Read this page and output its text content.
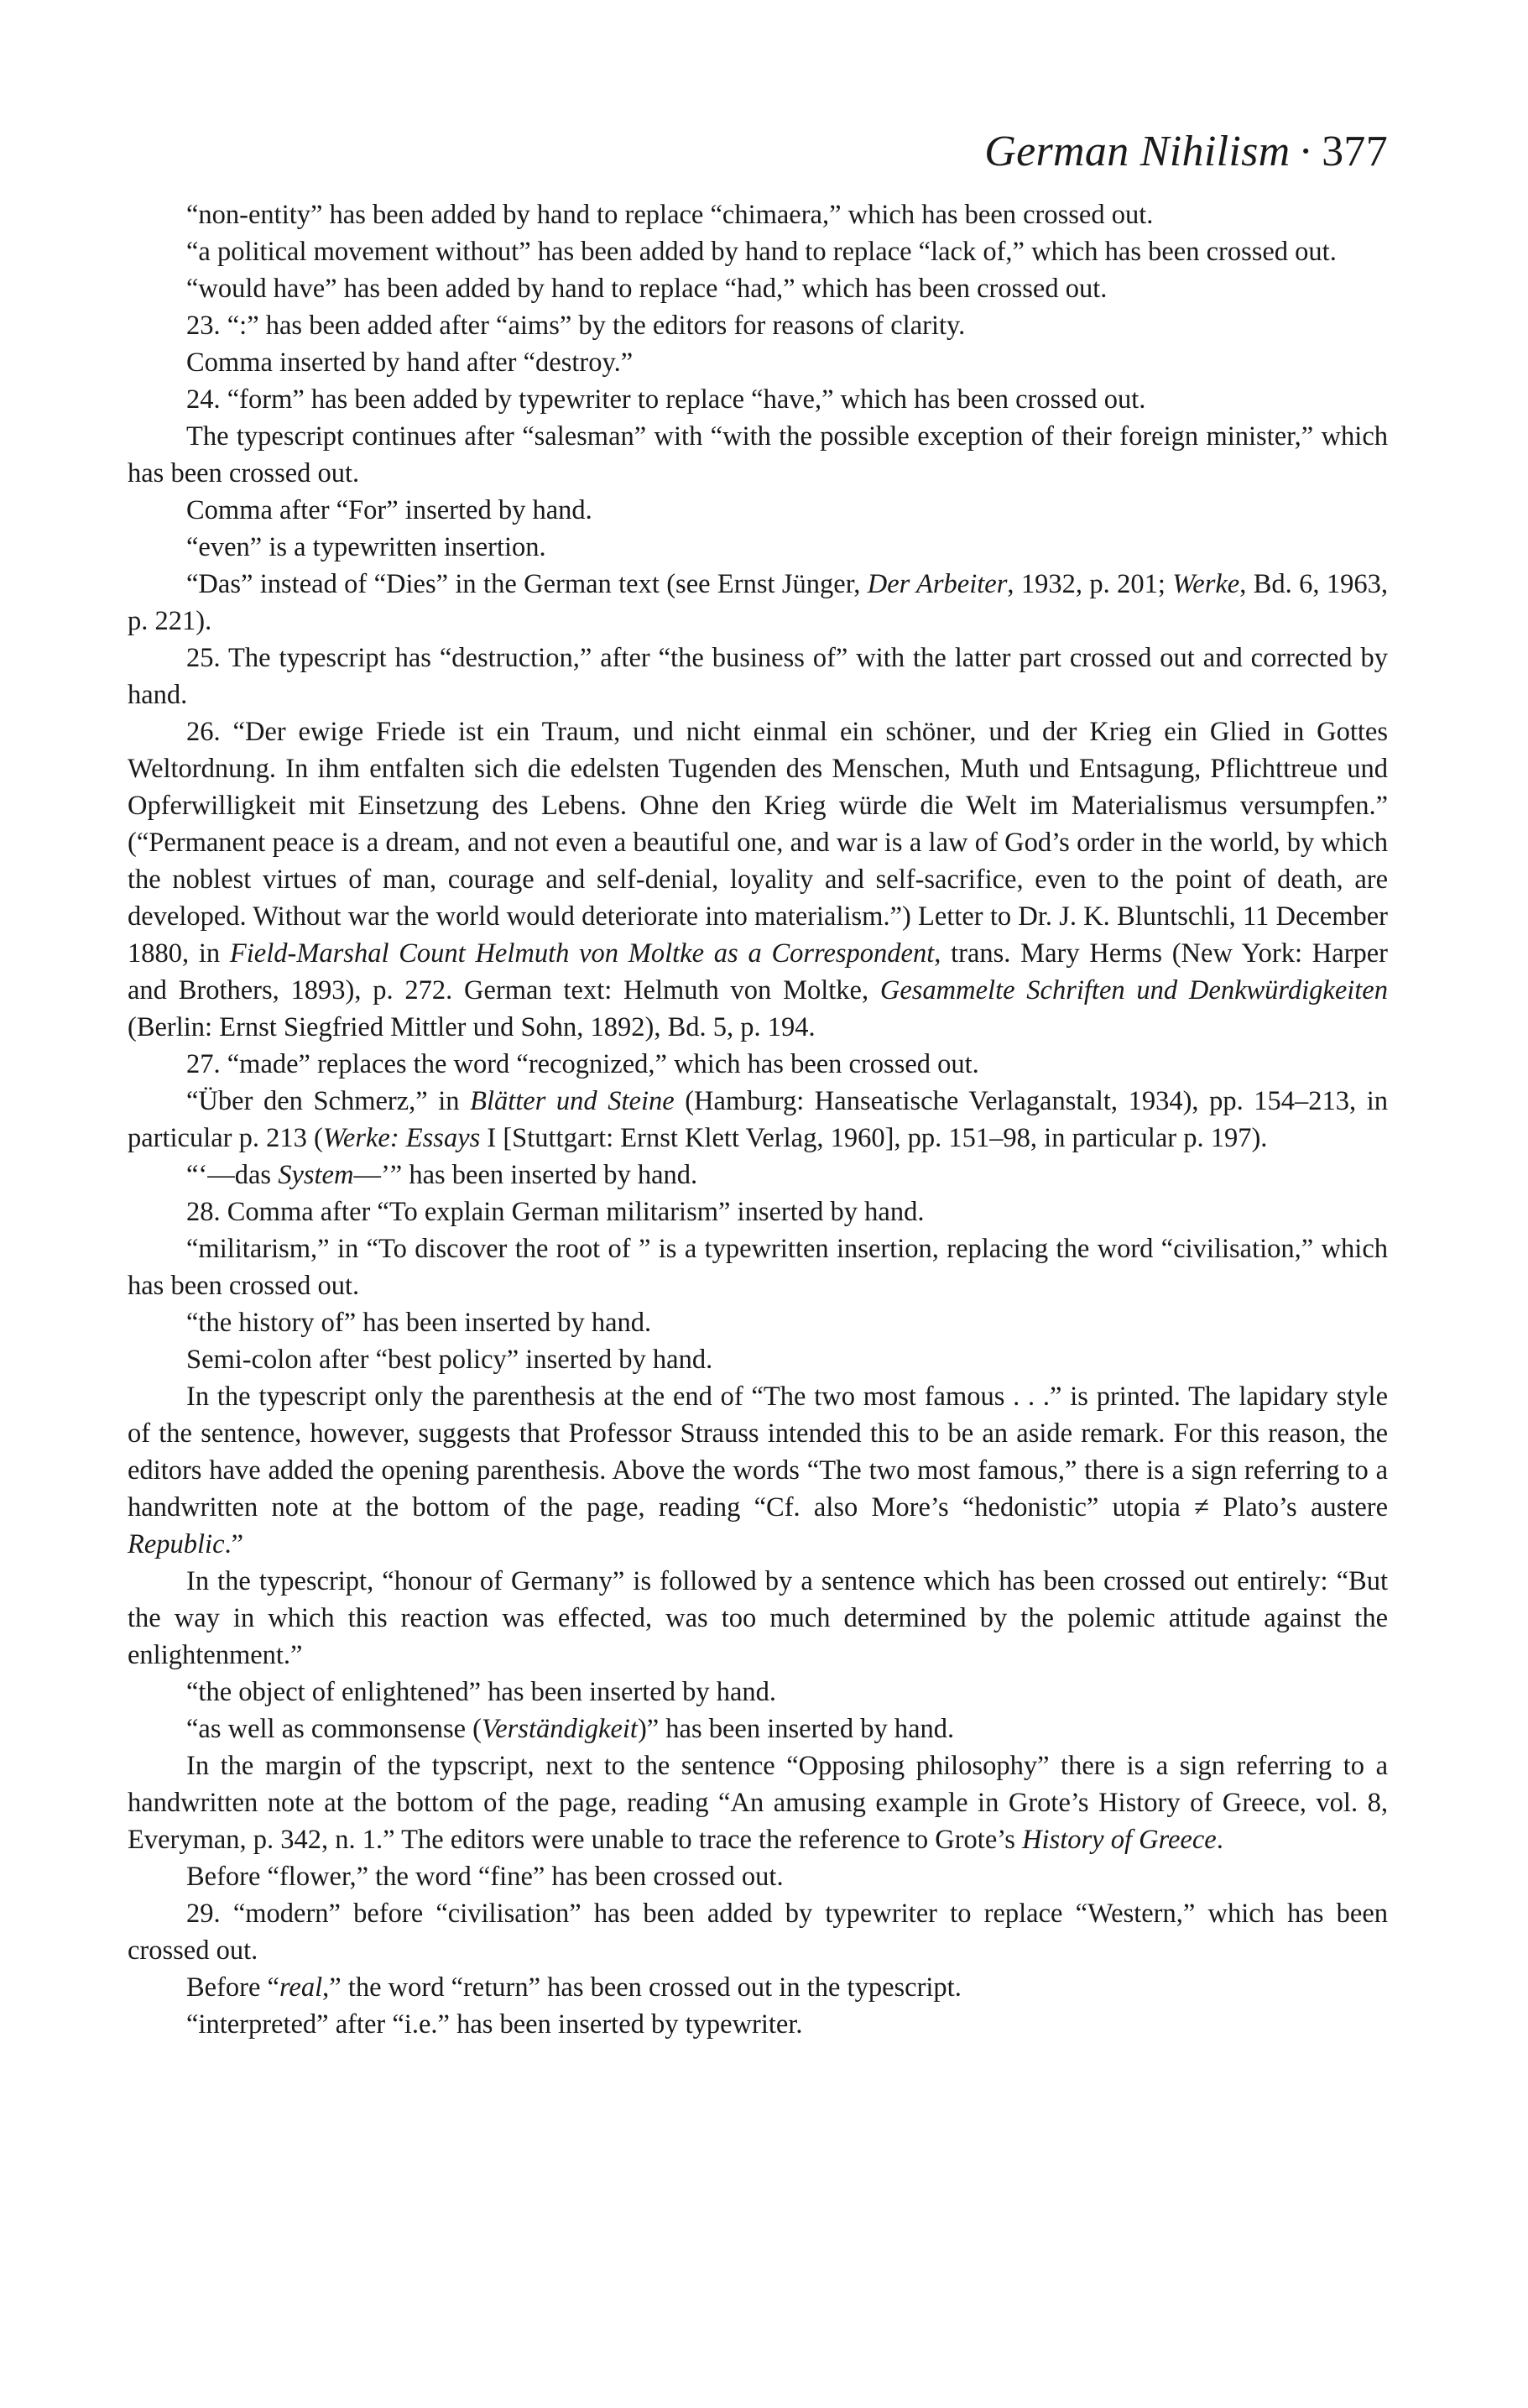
German Nihilism · 377

“non-entity” has been added by hand to replace “chimaera,” which has been crossed out.

“a political movement without” has been added by hand to replace “lack of,” which has been crossed out.

“would have” has been added by hand to replace “had,” which has been crossed out.

23. “:” has been added after “aims” by the editors for reasons of clarity.

Comma inserted by hand after “destroy.”

24. “form” has been added by typewriter to replace “have,” which has been crossed out.

The typescript continues after “salesman” with “with the possible exception of their foreign minister,” which has been crossed out.

Comma after “For” inserted by hand.

“even” is a typewritten insertion.

“Das” instead of “Dies” in the German text (see Ernst Jünger, Der Arbeiter, 1932, p. 201; Werke, Bd. 6, 1963, p. 221).

25. The typescript has “destruction,” after “the business of” with the latter part crossed out and corrected by hand.

26. “Der ewige Friede ist ein Traum, und nicht einmal ein schöner, und der Krieg ein Glied in Gottes Weltordnung. In ihm entfalten sich die edelsten Tugenden des Menschen, Muth und Entsagung, Pflichttreue und Opferwilligkeit mit Einsetzung des Lebens. Ohne den Krieg würde die Welt im Materialismus versumpfen.” (“Permanent peace is a dream, and not even a beautiful one, and war is a law of God’s order in the world, by which the noblest virtues of man, courage and self-denial, loyality and self-sacrifice, even to the point of death, are developed. Without war the world would deteriorate into materialism.”) Letter to Dr. J. K. Bluntschli, 11 December 1880, in Field-Marshal Count Helmuth von Moltke as a Correspondent, trans. Mary Herms (New York: Harper and Brothers, 1893), p. 272. German text: Helmuth von Moltke, Gesammelte Schriften und Denkwürdigkeiten (Berlin: Ernst Siegfried Mittler und Sohn, 1892), Bd. 5, p. 194.

27. “made” replaces the word “recognized,” which has been crossed out.

“Über den Schmerz,” in Blätter und Steine (Hamburg: Hanseatische Verlaganstalt, 1934), pp. 154–213, in particular p. 213 (Werke: Essays I [Stuttgart: Ernst Klett Verlag, 1960], pp. 151–98, in particular p. 197).

“‘—das System—’” has been inserted by hand.

28. Comma after “To explain German militarism” inserted by hand.

“militarism,” in “To discover the root of ” is a typewritten insertion, replacing the word “civilisation,” which has been crossed out.

“the history of” has been inserted by hand.

Semi-colon after “best policy” inserted by hand.

In the typescript only the parenthesis at the end of “The two most famous . . .” is printed. The lapidary style of the sentence, however, suggests that Professor Strauss intended this to be an aside remark. For this reason, the editors have added the opening parenthesis. Above the words “The two most famous,” there is a sign referring to a handwritten note at the bottom of the page, reading “Cf. also More’s “hedonistic” utopia ≠ Plato’s austere Republic.”

In the typescript, “honour of Germany” is followed by a sentence which has been crossed out entirely: “But the way in which this reaction was effected, was too much determined by the polemic attitude against the enlightenment.”

“the object of enlightened” has been inserted by hand.

“as well as commonsense (Verständigkeit)” has been inserted by hand.

In the margin of the typscript, next to the sentence “Opposing philosophy” there is a sign referring to a handwritten note at the bottom of the page, reading “An amusing example in Grote’s History of Greece, vol. 8, Everyman, p. 342, n. 1.” The editors were unable to trace the reference to Grote’s History of Greece.

Before “flower,” the word “fine” has been crossed out.

29. “modern” before “civilisation” has been added by typewriter to replace “Western,” which has been crossed out.

Before “real,” the word “return” has been crossed out in the typescript.

“interpreted” after “i.e.” has been inserted by typewriter.
